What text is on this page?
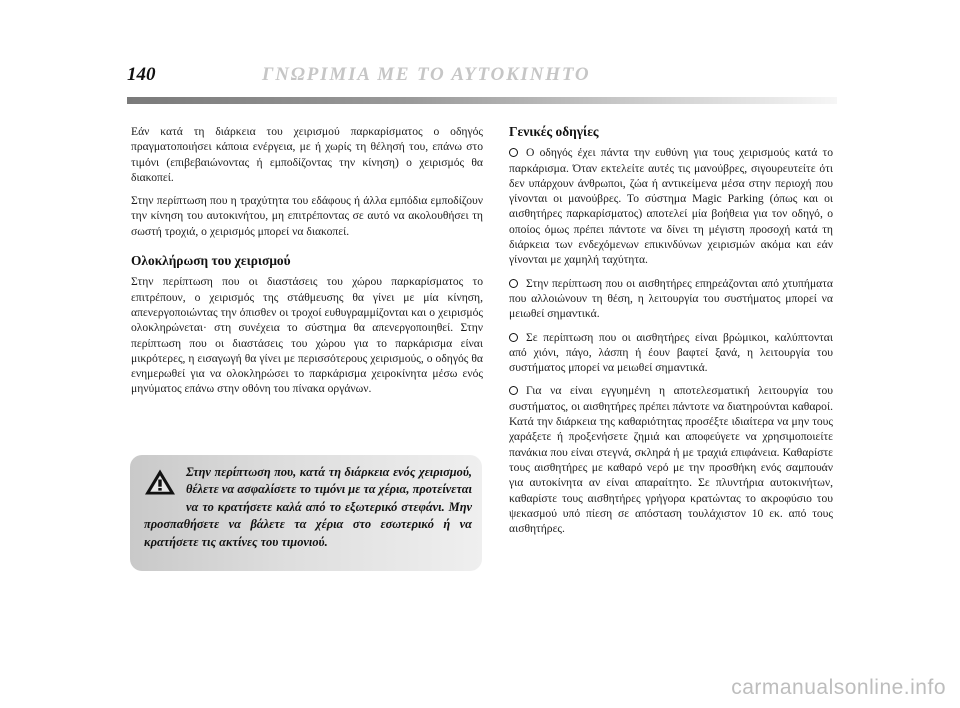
140	ΓΝΩΡΙΜΙΑ ΜΕ ΤΟ ΑΥΤΟΚΙΝΗΤΟ

Εάν κατά τη διάρκεια του χειρισμού παρκαρίσματος ο οδηγός πραγματοποιήσει κάποια ενέργεια, με ή χωρίς τη θέλησή του, επάνω στο τιμόνι (επιβεβαιώνοντας ή εμποδίζοντας την κίνηση) ο χειρισμός θα διακοπεί.

Στην περίπτωση που η τραχύτητα του εδάφους ή άλλα εμπόδια εμποδίζουν την κίνηση του αυτοκινήτου, μη επιτρέποντας σε αυτό να ακολουθήσει τη σωστή τροχιά, ο χειρισμός μπορεί να διακοπεί.

Ολοκλήρωση του χειρισμού

Στην περίπτωση που οι διαστάσεις του χώρου παρκαρίσματος το επιτρέπουν, ο χειρισμός της στάθμευσης θα γίνει με μία κίνηση, απενεργοποιώντας την όπισθεν οι τροχοί ευθυγραμμίζονται και ο χειρισμός ολοκληρώνεται· στη συνέχεια το σύστημα θα απενεργοποιηθεί. Στην περίπτωση που οι διαστάσεις του χώρου για το παρκάρισμα είναι μικρότερες, η εισαγωγή θα γίνει με περισσότερους χειρισμούς, ο οδηγός θα ενημερωθεί για να ολοκληρώσει το παρκάρισμα χειροκίνητα μέσω ενός μηνύματος επάνω στην οθόνη του πίνακα οργάνων.

Στην περίπτωση που, κατά τη διάρκεια ενός χειρισμού, θέλετε να ασφαλίσετε το τιμόνι με τα χέρια, προτείνεται να το κρατήσετε καλά από το εξωτερικό στεφάνι. Μην προσπαθήσετε να βάλετε τα χέρια στο εσωτερικό ή να κρατήσετε τις ακτίνες του τιμονιού.
Γενικές οδηγίες

Ο οδηγός έχει πάντα την ευθύνη για τους χειρισμούς κατά το παρκάρισμα. Όταν εκτελείτε αυτές τις μανούβρες, σιγουρευτείτε ότι δεν υπάρχουν άνθρωποι, ζώα ή αντικείμενα μέσα στην περιοχή που γίνονται οι μανούβρες. Το σύστημα Magic Parking (όπως και οι αισθητήρες παρκαρίσματος) αποτελεί μία βοήθεια για τον οδηγό, ο οποίος όμως πρέπει πάντοτε να δίνει τη μέγιστη προσοχή κατά τη διάρκεια των ενδεχόμενων επικινδύνων χειρισμών ακόμα και εάν γίνονται με χαμηλή ταχύτητα.

Στην περίπτωση που οι αισθητήρες επηρεάζονται από χτυπήματα που αλλοιώνουν τη θέση, η λειτουργία του συστήματος μπορεί να μειωθεί σημαντικά.

Σε περίπτωση που οι αισθητήρες είναι βρώμικοι, καλύπτονται από χιόνι, πάγο, λάσπη ή έουν βαφτεί ξανά, η λειτουργία του συστήματος μπορεί να μειωθεί σημαντικά.

Για να είναι εγγυημένη η αποτελεσματική λειτουργία του συστήματος, οι αισθητήρες πρέπει πάντοτε να διατηρούνται καθαροί. Κατά την διάρκεια της καθαριότητας προσέξτε ιδιαίτερα να μην τους χαράξετε ή προξενήσετε ζημιά και αποφεύγετε να χρησιμοποιείτε πανάκια που είναι στεγνά, σκληρά ή με τραχιά επιφάνεια. Καθαρίστε τους αισθητήρες με καθαρό νερό με την προσθήκη ενός σαμπουάν για αυτοκίνητα αν είναι απαραίτητο. Σε πλυντήρια αυτοκινήτων, καθαρίστε τους αισθητήρες γρήγορα κρατώντας το ακροφύσιο του ψεκασμού υπό πίεση σε απόσταση τουλάχιστον 10 εκ. από τους αισθητήρες.

carmanualsonline.info
